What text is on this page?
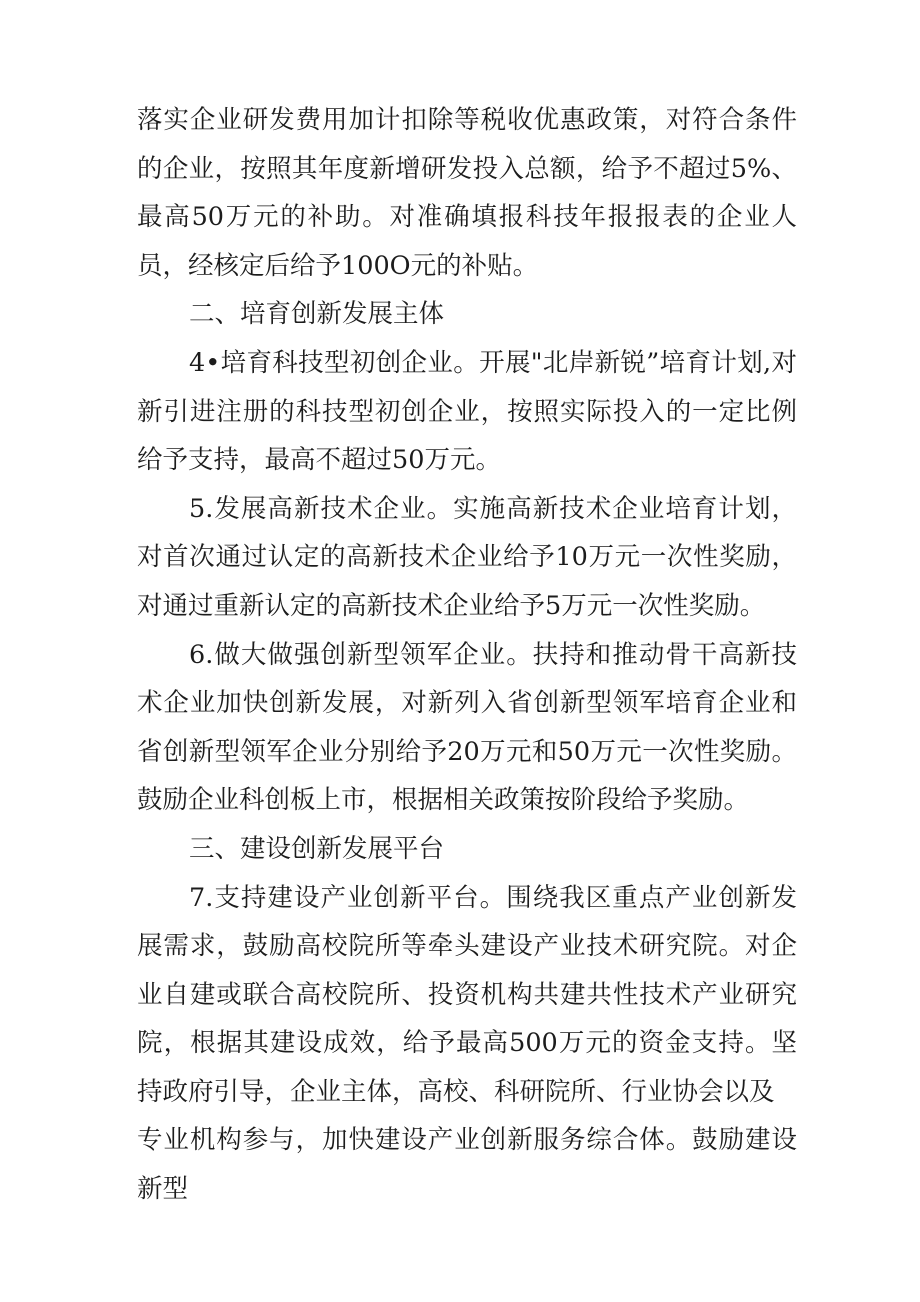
落实企业研发费用加计扣除等税收优惠政策，对符合条件的企业，按照其年度新增研发投入总额，给予不超过5%、最高50万元的补助。对准确填报科技年报报表的企业人员，经核定后给予100O元的补贴。

二、培育创新发展主体

4•培育科技型初创企业。开展"北岸新锐”培育计划,对新引进注册的科技型初创企业，按照实际投入的一定比例给予支持，最高不超过50万元。

5.发展高新技术企业。实施高新技术企业培育计划，对首次通过认定的高新技术企业给予10万元一次性奖励，对通过重新认定的高新技术企业给予5万元一次性奖励。

6.做大做强创新型领军企业。扶持和推动骨干高新技术企业加快创新发展，对新列入省创新型领军培育企业和省创新型领军企业分别给予20万元和50万元一次性奖励。鼓励企业科创板上市，根据相关政策按阶段给予奖励。

三、建设创新发展平台

7.支持建设产业创新平台。围绕我区重点产业创新发展需求，鼓励高校院所等牵头建设产业技术研究院。对企业自建或联合高校院所、投资机构共建共性技术产业研究院，根据其建设成效，给予最高500万元的资金支持。坚持政府引导，企业主体，高校、科研院所、行业协会以及

专业机构参与，加快建设产业创新服务综合体。鼓励建设新型
